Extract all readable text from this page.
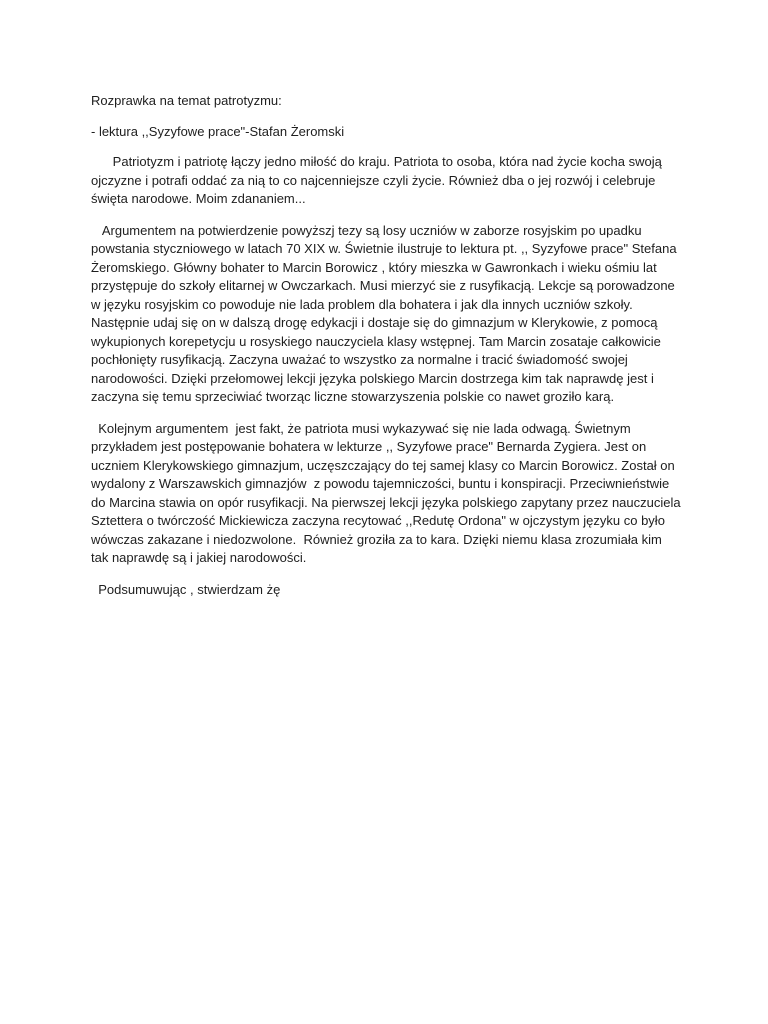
Rozprawka na temat patrotyzmu:

- lektura ,,Syzyfowe prace"-Stafan Żeromski

Patriotyzm i patriotę łączy jedno miłość do kraju. Patriota to osoba, która nad życie kocha swoją ojczyzne i potrafi oddać za nią to co najcenniejsze czyli życie. Również dba o jej rozwój i celebruje święta narodowe. Moim zdananiem...

Argumentem na potwierdzenie powyższj tezy są losy uczniów w zaborze rosyjskim po upadku powstania styczniowego w latach 70 XIX w. Świetnie ilustruje to lektura pt. ,, Syzyfowe prace" Stefana Żeromskiego. Główny bohater to Marcin Borowicz , który mieszka w Gawronkach i wieku ośmiu lat przystępuje do szkoły elitarnej w Owczarkach. Musi mierzyć sie z rusyfikacją. Lekcje są porowadzone w języku rosyjskim co powoduje nie lada problem dla bohatera i jak dla innych uczniów szkoły. Następnie udaj się on w dalszą drogę edykacji i dostaje się do gimnazjum w Klerykowie, z pomocą wykupionych korepetycju u rosyskiego nauczyciela klasy wstępnej. Tam Marcin zosataje całkowicie pochłonięty rusyfikacją. Zaczyna uważać to wszystko za normalne i tracić świadomość swojej narodowości. Dzięki przełomowej lekcji języka polskiego Marcin dostrzega kim tak naprawdę jest i zaczyna się temu sprzeciwiać tworząc liczne stowarzyszenia polskie co nawet groziło karą.

Kolejnym argumentem  jest fakt, że patriota musi wykazywać się nie lada odwagą. Świetnym przykładem jest postępowanie bohatera w lekturze ,, Syzyfowe prace" Bernarda Zygiera. Jest on uczniem Klerykowskiego gimnazjum, uczęszczający do tej samej klasy co Marcin Borowicz. Został on wydalony z Warszawskich gimnazjów  z powodu tajemniczości, buntu i konspiracji. Przeciwnieństwie do Marcina stawia on opór rusyfikacji. Na pierwszej lekcji języka polskiego zapytany przez nauczuciela Sztettera o twórczość Mickiewicza zaczyna recytować ,,Redutę Ordona" w ojczystym języku co było wówczas zakazane i niedozwolone.  Również groziła za to kara. Dzięki niemu klasa zrozumiała kim tak naprawdę są i jakiej narodowości.

Podsumuwując , stwierdzam żę
